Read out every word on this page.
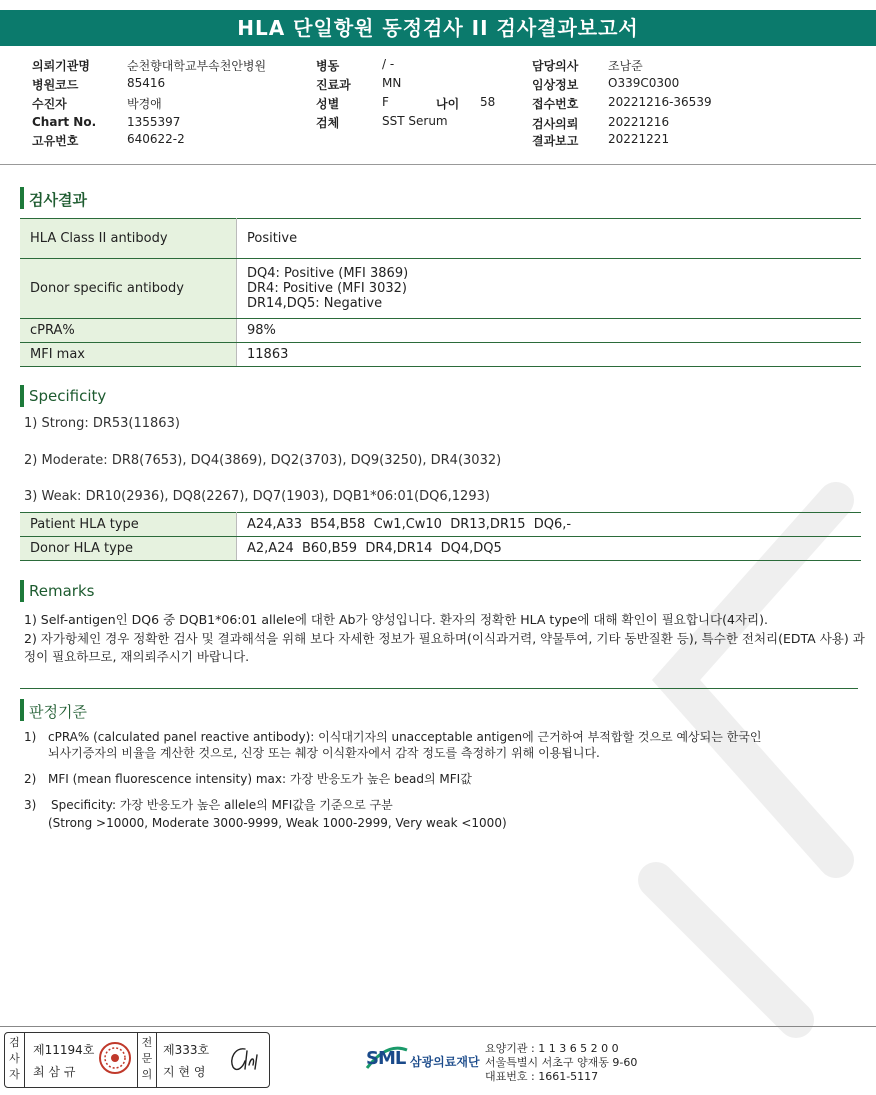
HLA 단일항원 동정검사 II 검사결과보고서
의뢰기관명	순천향대학교부속천안병원
병원코드	85416
수진자	박경애
Chart No.	1355397
고유번호	640622-2
병동	/ -
진료과	MN
성별	F	나이 58
검체	SST Serum
담당의사 조남준
임상정보 O339C0300
접수번호 20221216-36539
검사의뢰 20221216
결과보고 20221221
검사결과
HLA Class II antibody	Positive
Donor specific antibody	DQ4: Positive (MFI 3869)
DR4: Positive (MFI 3032)
DR14,DQ5: Negative

cPRA%	98%
MFI max	11863
Specificity
1) Strong: DR53(11863)
2) Moderate: DR8(7653), DQ4(3869), DQ2(3703), DQ9(3250), DR4(3032)
3) Weak: DR10(2936), DQ8(2267), DQ7(1903), DQB1*06:01(DQ6,1293)
Patient HLA type	A24,A33  B54,B58  Cw1,Cw10  DR13,DR15  DQ6,-
Donor HLA type	A2,A24  B60,B59  DR4,DR14  DQ4,DQ5
Remarks
1) Self-antigen인 DQ6 중 DQB1*06:01 allele에 대한 Ab가 양성입니다. 환자의 정확한 HLA type에 대해 확인이 필요합니다(4자리).
2) 자가항체인 경우 정확한 검사 및 결과해석을 위해 보다 자세한 정보가 필요하며(이식과거력, 약물투여, 기타 동반질환 등), 특수한 전처리(EDTA 사용) 과정이 필요하므로, 재의뢰주시기 바랍니다.
판정기준
1) cPRA% (calculated panel reactive antibody): 이식대기자의 unacceptable antigen에 근거하여 부적합할 것으로 예상되는 한국인
뇌사기증자의 비율을 계산한 것으로, 신장 또는 췌장 이식환자에서 감작 정도를 측정하기 위해 이용됩니다.
2) MFI (mean fluorescence intensity) max: 가장 반응도가 높은 bead의 MFI값
3) Specificity: 가장 반응도가 높은 allele의 MFI값을 기준으로 구분
(Strong >10000, Moderate 3000-9999, Weak 1000-2999, Very weak <1000)
검
사
자
제11194호
최 삼 규
전
문
의
제333호
지 현 영
SML 삼광의료재단
요양기관 : 1 1 3 6 5 2 0 0
서울특별시 서초구 양재동 9-60
대표번호 : 1661-5117
